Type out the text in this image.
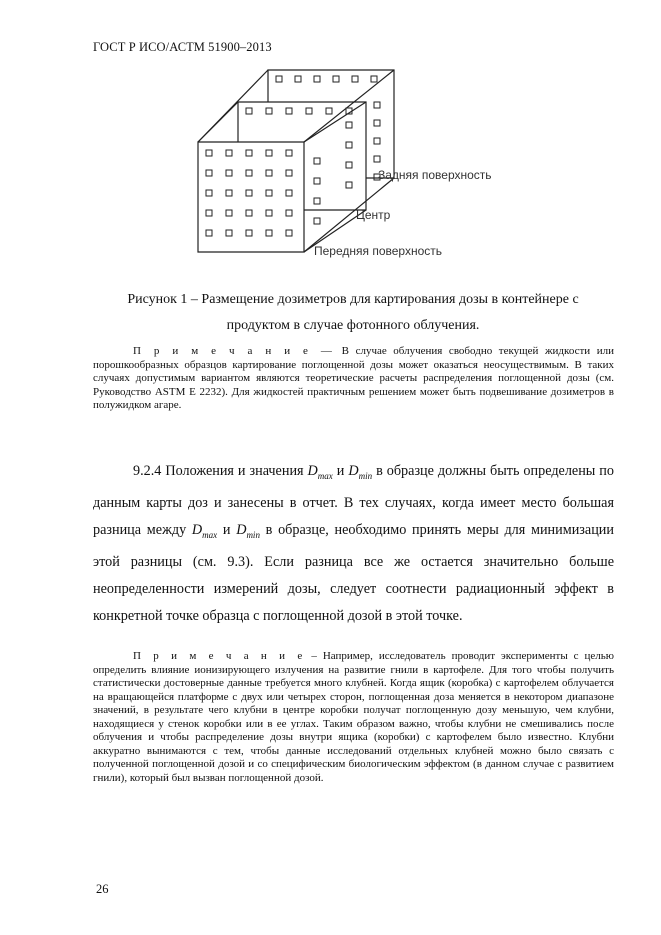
ГОСТ Р ИСО/АСТМ 51900–2013
Задняя поверхность
Центр
Передняя поверхность
Рисунок 1 – Размещение дозиметров для картирования дозы в контейнере с
продуктом в случае фотонного облучения.
П р и м е ч а н и е — В случае облучения свободно текущей жидкости или порошкообразных образцов картирование поглощенной дозы может оказаться неосуществимым. В таких случаях допустимым вариантом являются теоретические расчеты распределения поглощенной дозы (см. Руководство ASTM E 2232). Для жидкостей практичным решением может быть подвешивание дозиметров в полужидком агаре.
9.2.4 Положения и значения $D_{max}$ и $D_{min}$ в образце должны быть определены по данным карты доз и занесены в отчет. В тех случаях, когда имеет место большая разница между $D_{max}$ и $D_{min}$ в образце, необходимо принять меры для минимизации этой разницы (см. 9.3). Если разница все же остается значительно больше неопределенности измерений дозы, следует соотнести радиационный эффект в конкретной точке образца с поглощенной дозой в этой точке.
П р и м е ч а н и е – Например, исследователь проводит эксперименты с целью определить влияние ионизирующего излучения на развитие гнили в картофеле. Для того чтобы получить статистически достоверные данные требуется много клубней. Когда ящик (коробка) с картофелем облучается на вращающейся платформе с двух или четырех сторон, поглощенная доза меняется в некотором диапазоне значений, в результате чего клубни в центре коробки получат поглощенную дозу меньшую, чем клубни, находящиеся у стенок коробки или в ее углах. Таким образом важно, чтобы клубни не смешивались после облучения и чтобы распределение дозы внутри ящика (коробки) с картофелем было известно. Клубни аккуратно вынимаются с тем, чтобы данные исследований отдельных клубней можно было связать с полученной поглощенной дозой и со специфическим биологическим эффектом (в данном случае с развитием гнили), который был вызван поглощенной дозой.
26
